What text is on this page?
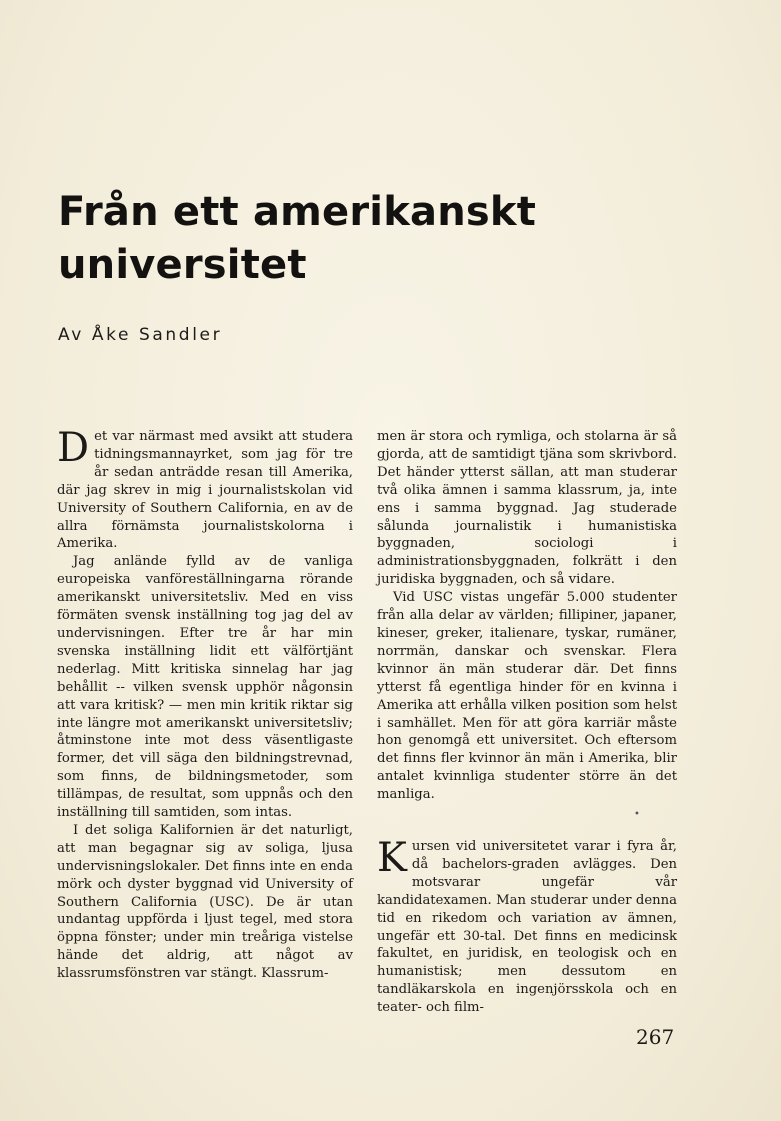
Från ett amerikanskt
universitet
Av Åke Sandler

Det var närmast med avsikt att studera tidningsmannayrket, som jag för tre år sedan anträdde resan till Amerika, där jag skrev in mig i journalistskolan vid University of Southern California, en av de allra förnämsta journalistskolorna i Amerika.

Jag anlände fylld av de vanliga europeiska vanföreställningarna rörande amerikanskt universitetsliv. Med en viss förmäten svensk inställning tog jag del av undervisningen. Efter tre år har min svenska inställning lidit ett välförtjänt nederlag. Mitt kritiska sinnelag har jag behållit -- vilken svensk upphör någonsin att vara kritisk? — men min kritik riktar sig inte längre mot amerikanskt universitetsliv; åtminstone inte mot dess väsentligaste former, det vill säga den bildningstrevnad, som finns, de bildningsmetoder, som tillämpas, de resultat, som uppnås och den inställning till samtiden, som intas.

I det soliga Kalifornien är det naturligt, att man begagnar sig av soliga, ljusa undervisningslokaler. Det finns inte en enda mörk och dyster byggnad vid University of Southern California (USC). De är utan undantag uppförda i ljust tegel, med stora öppna fönster; under min treåriga vistelse hände det aldrig, att något av klassrumsfönstren var stängt. Klassrum-

men är stora och rymliga, och stolarna är så gjorda, att de samtidigt tjäna som skrivbord. Det händer ytterst sällan, att man studerar två olika ämnen i samma klassrum, ja, inte ens i samma byggnad. Jag studerade sålunda journalistik i humanistiska byggnaden, sociologi i administrationsbyggnaden, folkrätt i den juridiska byggnaden, och så vidare.

Vid USC vistas ungefär 5.000 studenter från alla delar av världen; fillipiner, japaner, kineser, greker, italienare, tyskar, rumäner, norrmän, danskar och svenskar. Flera kvinnor än män studerar där. Det finns ytterst få egentliga hinder för en kvinna i Amerika att erhålla vilken position som helst i samhället. Men för att göra karriär måste hon genomgå ett universitet. Och eftersom det finns fler kvinnor än män i Amerika, blir antalet kvinnliga studenter större än det manliga.

•

Kursen vid universitetet varar i fyra år, då bachelors-graden avlägges. Den motsvarar ungefär vår kandidatexamen. Man studerar under denna tid en rikedom och variation av ämnen, ungefär ett 30-tal. Det finns en medicinsk fakultet, en juridisk, en teologisk och en humanistisk; men dessutom en tandläkarskola en ingenjörsskola och en teater- och film-

267
